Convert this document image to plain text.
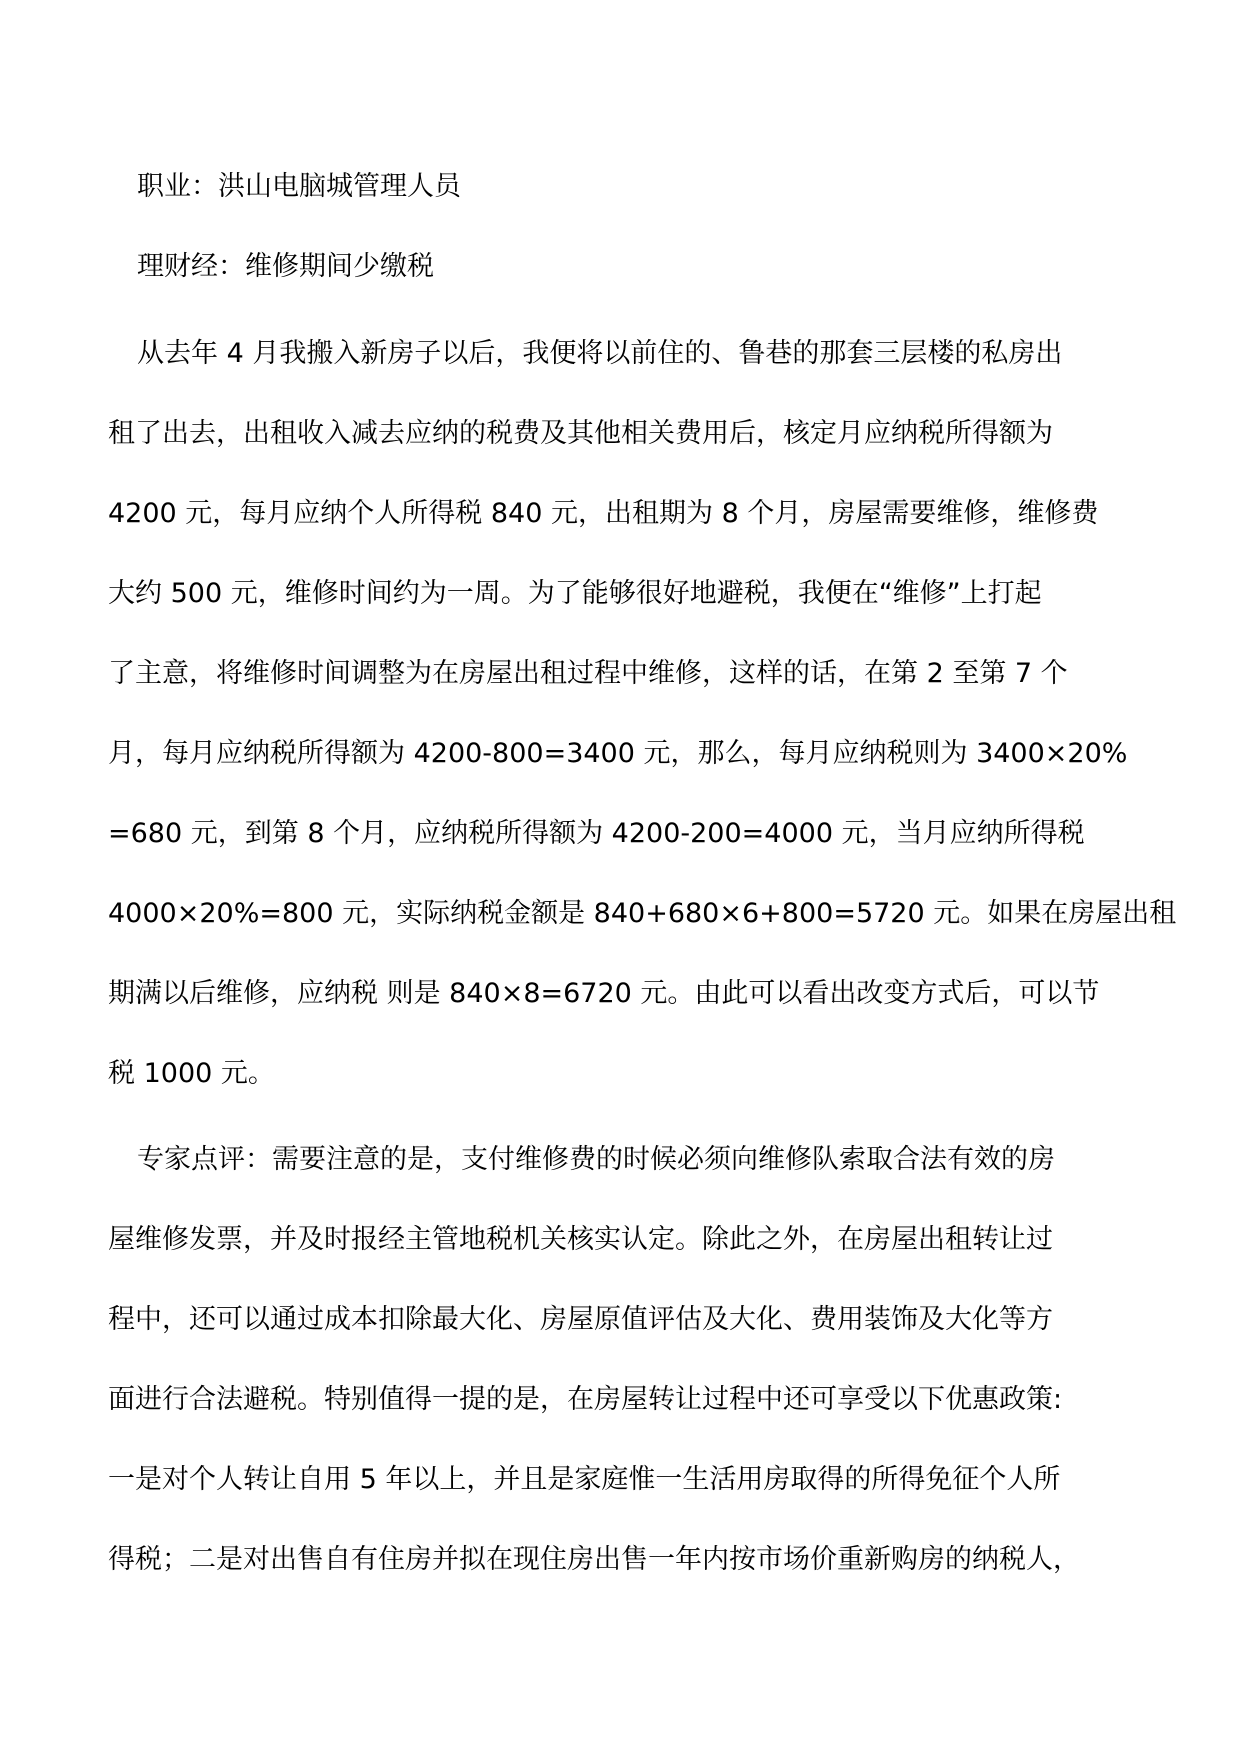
职业：洪山电脑城管理人员
理财经：维修期间少缴税
从去年 4 月我搬入新房子以后，我便将以前住的、鲁巷的那套三层楼的私房出
租了出去，出租收入减去应纳的税费及其他相关费用后，核定月应纳税所得额为
4200 元，每月应纳个人所得税 840 元，出租期为 8 个月，房屋需要维修，维修费
大约 500 元，维修时间约为一周。为了能够很好地避税，我便在“维修”上打起
了主意，将维修时间调整为在房屋出租过程中维修，这样的话，在第 2 至第 7 个
月，每月应纳税所得额为 4200-800=3400 元，那么，每月应纳税则为 3400×20%
=680 元，到第 8 个月，应纳税所得额为 4200-200=4000 元，当月应纳所得税
4000×20%=800 元，实际纳税金额是 840+680×6+800=5720 元。如果在房屋出租
期满以后维修，应纳税 则是 840×8=6720 元。由此可以看出改变方式后，可以节
税 1000 元。
专家点评：需要注意的是，支付维修费的时候必须向维修队索取合法有效的房
屋维修发票，并及时报经主管地税机关核实认定。除此之外，在房屋出租转让过
程中，还可以通过成本扣除最大化、房屋原值评估及大化、费用装饰及大化等方
面进行合法避税。特别值得一提的是，在房屋转让过程中还可享受以下优惠政策:
一是对个人转让自用 5 年以上，并且是家庭惟一生活用房取得的所得免征个人所
得税；二是对出售自有住房并拟在现住房出售一年内按市场价重新购房的纳税人，
